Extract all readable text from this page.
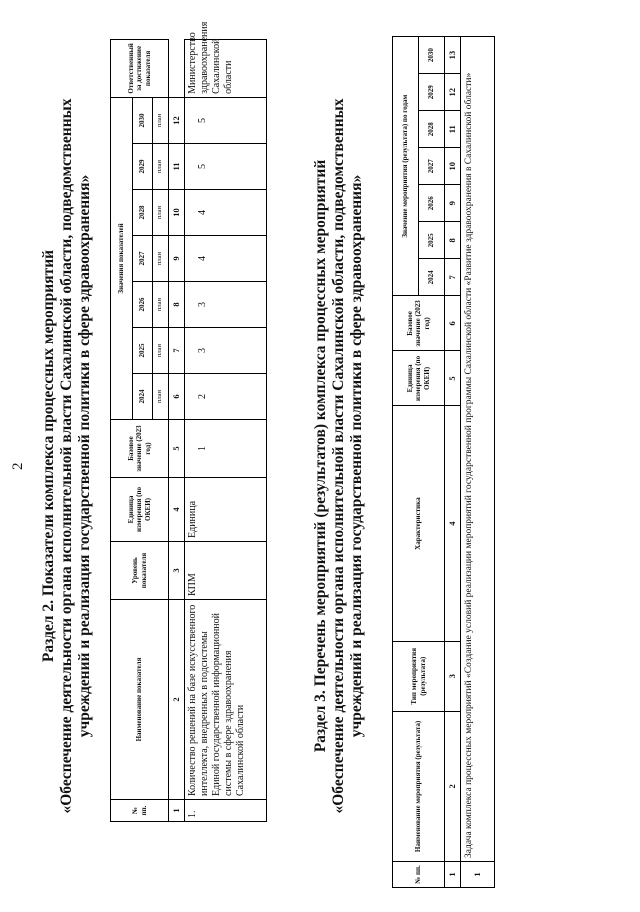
2 Раздел 2. Показатели комплекса процессных мероприятий «Обеспечение деятельности органа исполнительной власти Сахалинской области, подведомственных учреждений и реализация государственной политики в сфере здравоохранения»
№ пп.	Наименование показателя	Уровень показателя	Единица измерения (по ОКЕИ)	Базовое значение (2023 год)	Значения показателей							Ответственный за достижение показателя
					2024	2025	2026	2027	2028	2029	2030	
					план	план	план	план	план	план	план	
1	2	3	4	5	6	7	8	9	10	11	12	
1.	Количество решений на базе искусственного интеллекта, внедренных в подсистемы Единой государственной информационной системы в сфере здравоохранения Сахалинской области	КПМ	Единица	1	2	3	3	4	4	5	5	Министерство здравоохранения Сахалинской области
Раздел 3. Перечень мероприятий (результатов) комплекса процессных мероприятий «Обеспечение деятельности органа исполнительной власти Сахалинской области, подведомственных учреждений и реализация государственной политики в сфере здравоохранения»
№ пп.	Наименование мероприятия (результата)	Тип мероприятия (результата)	Характеристика	Единица измерения (по ОКЕИ)	Базовое значение (2023 год)	Значение мероприятия (результата) по годам						
						2024	2025	2026	2027	2028	2029	2030
1	2	3	4	5	6	7	8	9	10	11	12	13
1	Задача комплекса процессных мероприятий «Создание условий реализации мероприятий государственной программы Сахалинской области «Развитие здравоохранения в Сахалинской области»											
